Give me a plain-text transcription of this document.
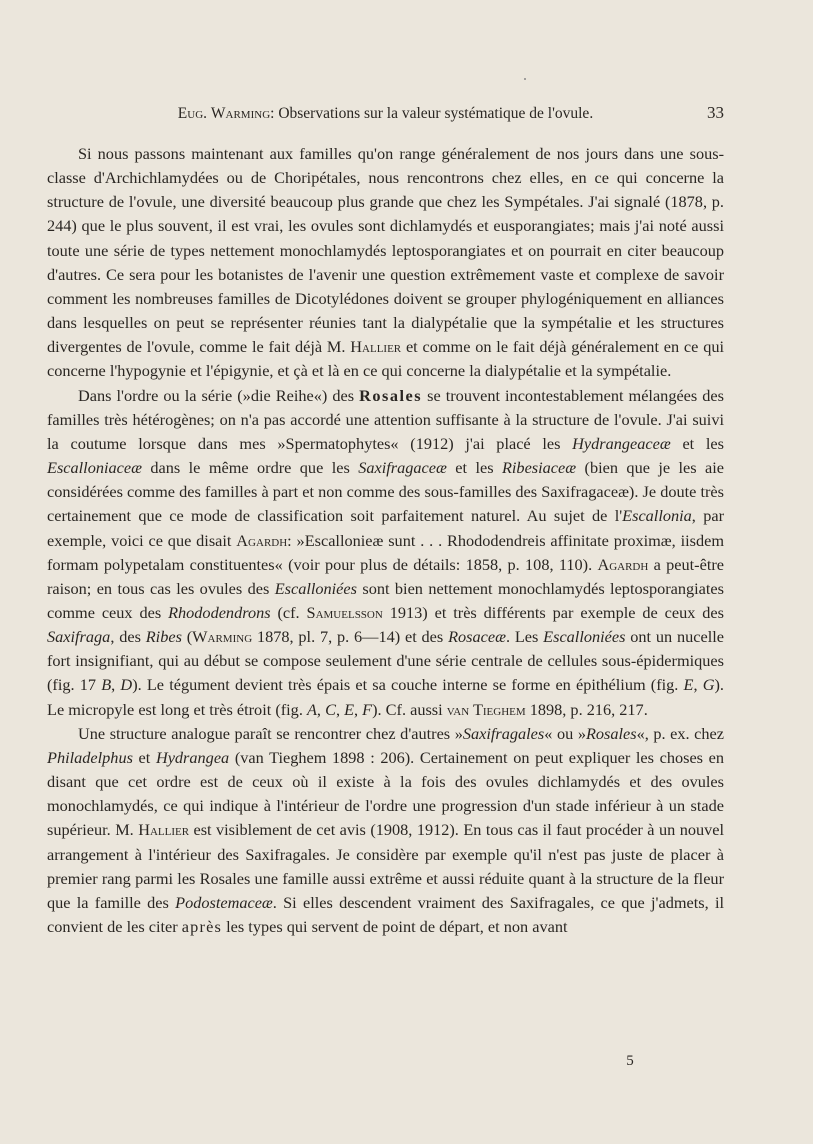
Eug. Warming: Observations sur la valeur systématique de l'ovule.	33

Si nous passons maintenant aux familles qu'on range généralement de nos jours dans une sous-classe d'Archichlamydées ou de Choripétales, nous rencontrons chez elles, en ce qui concerne la structure de l'ovule, une diversité beaucoup plus grande que chez les Sympétales. J'ai signalé (1878, p. 244) que le plus souvent, il est vrai, les ovules sont dichlamydés et eusporangiates; mais j'ai noté aussi toute une série de types nettement monochlamydés leptosporangiates et on pourrait en citer beaucoup d'autres. Ce sera pour les botanistes de l'avenir une question extrêmement vaste et complexe de savoir comment les nombreuses familles de Dicotylédones doivent se grouper phylogéniquement en alliances dans lesquelles on peut se représenter réunies tant la dialypétalie que la sympétalie et les structures divergentes de l'ovule, comme le fait déjà M. Hallier et comme on le fait déjà généralement en ce qui concerne l'hypogynie et l'épigynie, et çà et là en ce qui concerne la dialypétalie et la sympétalie.

Dans l'ordre ou la série (»die Reihe«) des Rosales se trouvent incontestablement mélangées des familles très hétérogènes; on n'a pas accordé une attention suffisante à la structure de l'ovule. J'ai suivi la coutume lorsque dans mes »Spermatophytes« (1912) j'ai placé les Hydrangeaceæ et les Escalloniaceæ dans le même ordre que les Saxifragaceæ et les Ribesiaceæ (bien que je les aie considérées comme des familles à part et non comme des sous-familles des Saxifragaceæ). Je doute très certainement que ce mode de classification soit parfaitement naturel. Au sujet de l'Escallonia, par exemple, voici ce que disait Agardh: »Escallonieæ sunt . . . Rhododendreis affinitate proximæ, iisdem formam polypetalam constituentes« (voir pour plus de détails: 1858, p. 108, 110). Agardh a peut-être raison; en tous cas les ovules des Escalloniées sont bien nettement monochlamydés leptosporangiates comme ceux des Rhododendrons (cf. Samuelsson 1913) et très différents par exemple de ceux des Saxifraga, des Ribes (Warming 1878, pl. 7, p. 6—14) et des Rosaceæ. Les Escalloniées ont un nucelle fort insignifiant, qui au début se compose seulement d'une série centrale de cellules sous-épidermiques (fig. 17 B, D). Le tégument devient très épais et sa couche interne se forme en épithélium (fig. E, G). Le micropyle est long et très étroit (fig. A, C, E, F). Cf. aussi van Tieghem 1898, p. 216, 217.

Une structure analogue paraît se rencontrer chez d'autres »Saxifragales« ou »Rosales«, p. ex. chez Philadelphus et Hydrangea (van Tieghem 1898 : 206). Certainement on peut expliquer les choses en disant que cet ordre est de ceux où il existe à la fois des ovules dichlamydés et des ovules monochlamydés, ce qui indique à l'intérieur de l'ordre une progression d'un stade inférieur à un stade supérieur. M. Hallier est visiblement de cet avis (1908, 1912). En tous cas il faut procéder à un nouvel arrangement à l'intérieur des Saxifragales. Je considère par exemple qu'il n'est pas juste de placer à premier rang parmi les Rosales une famille aussi extrême et aussi réduite quant à la structure de la fleur que la famille des Podostemaceæ. Si elles descendent vraiment des Saxifragales, ce que j'admets, il convient de les citer après les types qui servent de point de départ, et non avant

5
